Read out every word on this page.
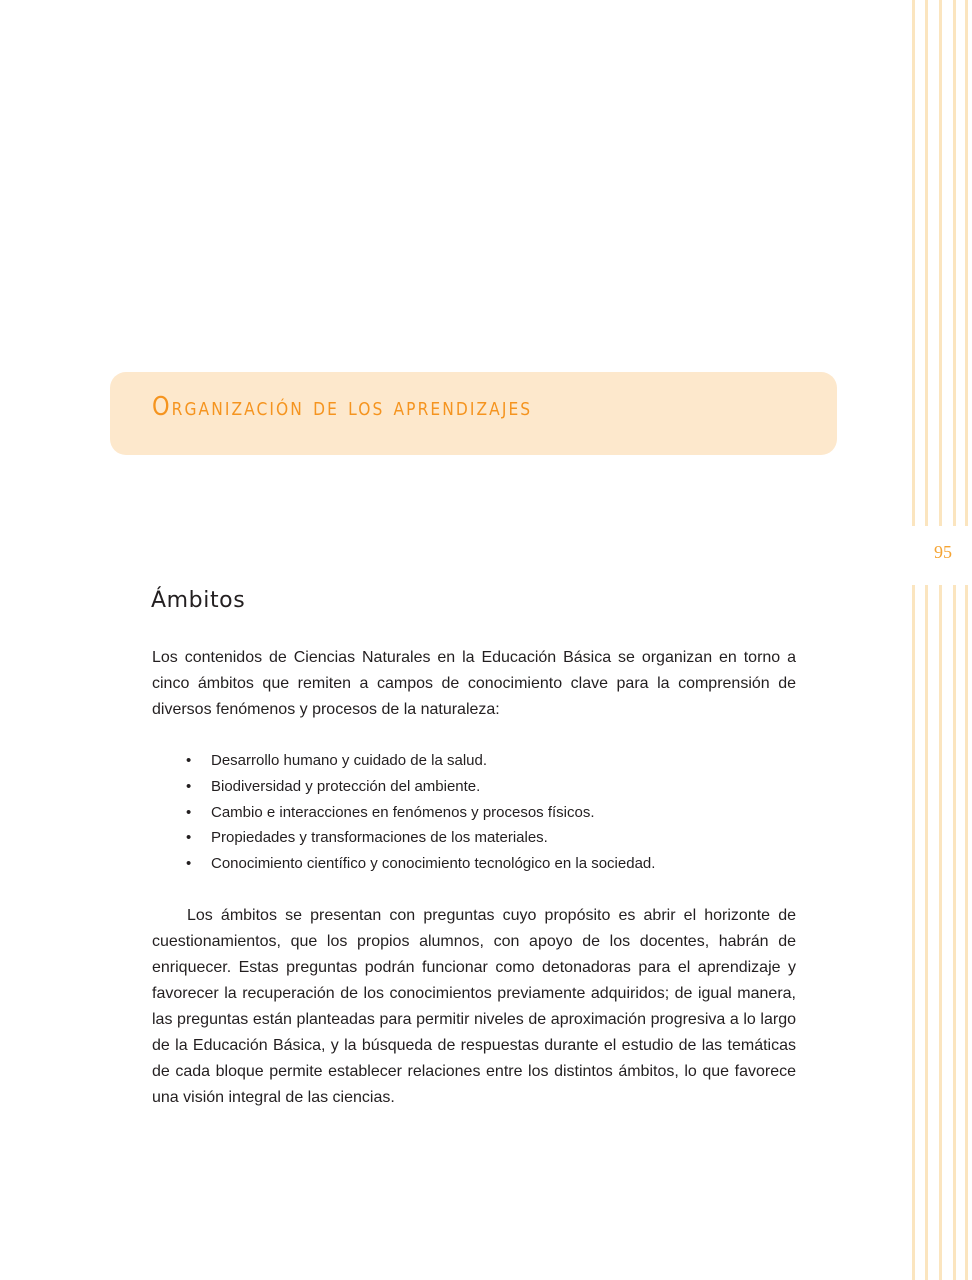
95
Organización de los aprendizajes
Ámbitos

Los contenidos de Ciencias Naturales en la Educación Básica se organizan en torno a cinco ámbitos que remiten a campos de conocimiento clave para la comprensión de diversos fenómenos y procesos de la naturaleza:

• Desarrollo humano y cuidado de la salud.
• Biodiversidad y protección del ambiente.
• Cambio e interacciones en fenómenos y procesos físicos.
• Propiedades y transformaciones de los materiales.
• Conocimiento científico y conocimiento tecnológico en la sociedad.

Los ámbitos se presentan con preguntas cuyo propósito es abrir el horizonte de cuestionamientos, que los propios alumnos, con apoyo de los docentes, habrán de enriquecer. Estas preguntas podrán funcionar como detonadoras para el aprendizaje y favorecer la recuperación de los conocimientos previamente adquiridos; de igual manera, las preguntas están planteadas para permitir niveles de aproximación progresiva a lo largo de la Educación Básica, y la búsqueda de respuestas durante el estudio de las temáticas de cada bloque permite establecer relaciones entre los distintos ámbitos, lo que favorece una visión integral de las ciencias.
